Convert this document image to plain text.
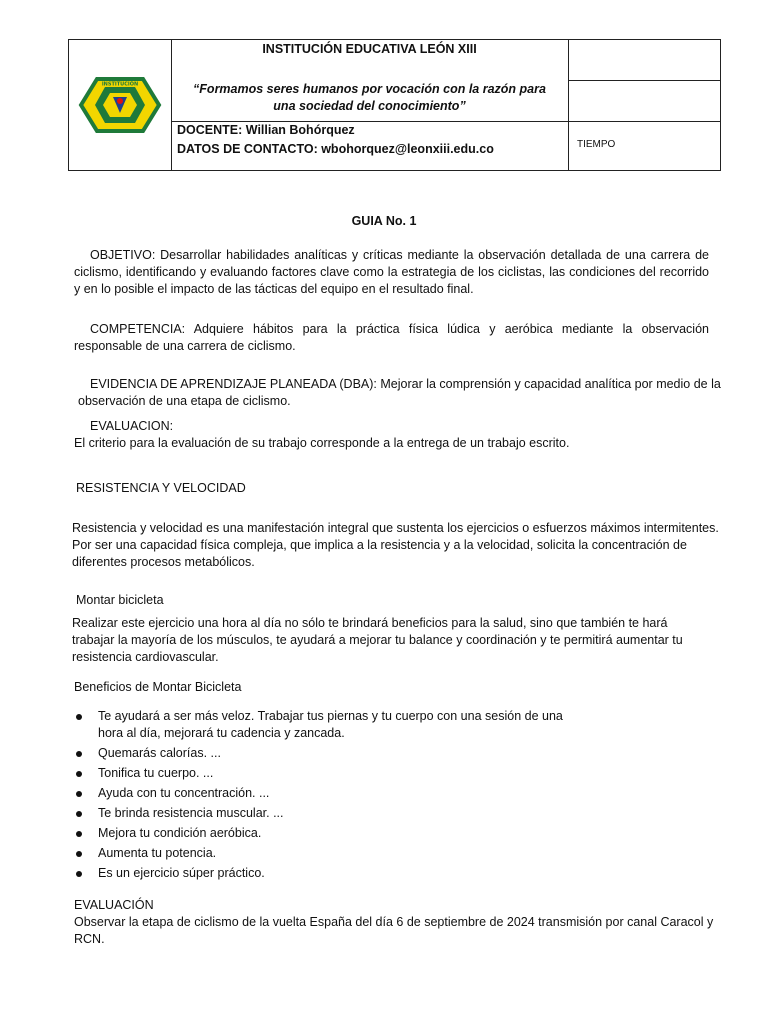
INSTITUCIÓN
INSTITUCIÓN EDUCATIVA LEÓN XIII
“Formamos seres humanos por vocación con la razón para una sociedad del conocimiento”
DOCENTE: Willian Bohórquez
DATOS DE CONTACTO: wbohorquez@leonxiii.edu.co	TIEMPO
GUIA No. 1
OBJETIVO: Desarrollar habilidades analíticas y críticas mediante la observación detallada de una carrera de ciclismo, identificando y evaluando factores clave como la estrategia de los ciclistas, las condiciones del recorrido y en lo posible el impacto de las tácticas del equipo en el resultado final.
COMPETENCIA: Adquiere hábitos para la práctica física lúdica y aeróbica mediante la observación responsable de una carrera de ciclismo.
EVIDENCIA DE APRENDIZAJE PLANEADA (DBA): Mejorar la comprensión y capacidad analítica por medio de la observación de una etapa de ciclismo.
EVALUACION:
El criterio para la evaluación de su trabajo corresponde a la entrega de un trabajo escrito.
RESISTENCIA Y VELOCIDAD
Resistencia y velocidad es una manifestación integral que sustenta los ejercicios o esfuerzos máximos intermitentes. Por ser una capacidad física compleja, que implica a la resistencia y a la velocidad, solicita la concentración de diferentes procesos metabólicos.
Montar bicicleta
Realizar este ejercicio una hora al día no sólo te brindará beneficios para la salud, sino que también te hará trabajar la mayoría de los músculos, te ayudará a mejorar tu balance y coordinación y te permitirá aumentar tu resistencia cardiovascular.
Beneficios de Montar Bicicleta
Te ayudará a ser más veloz. Trabajar tus piernas y tu cuerpo con una sesión de una hora al día, mejorará tu cadencia y zancada.
Quemarás calorías. ...
Tonifica tu cuerpo. ...
Ayuda con tu concentración. ...
Te brinda resistencia muscular. ...
Mejora tu condición aeróbica.
Aumenta tu potencia.
Es un ejercicio súper práctico.
EVALUACIÓN
Observar la etapa de ciclismo de la vuelta España del día 6 de septiembre de 2024 transmisión por canal Caracol y RCN.
